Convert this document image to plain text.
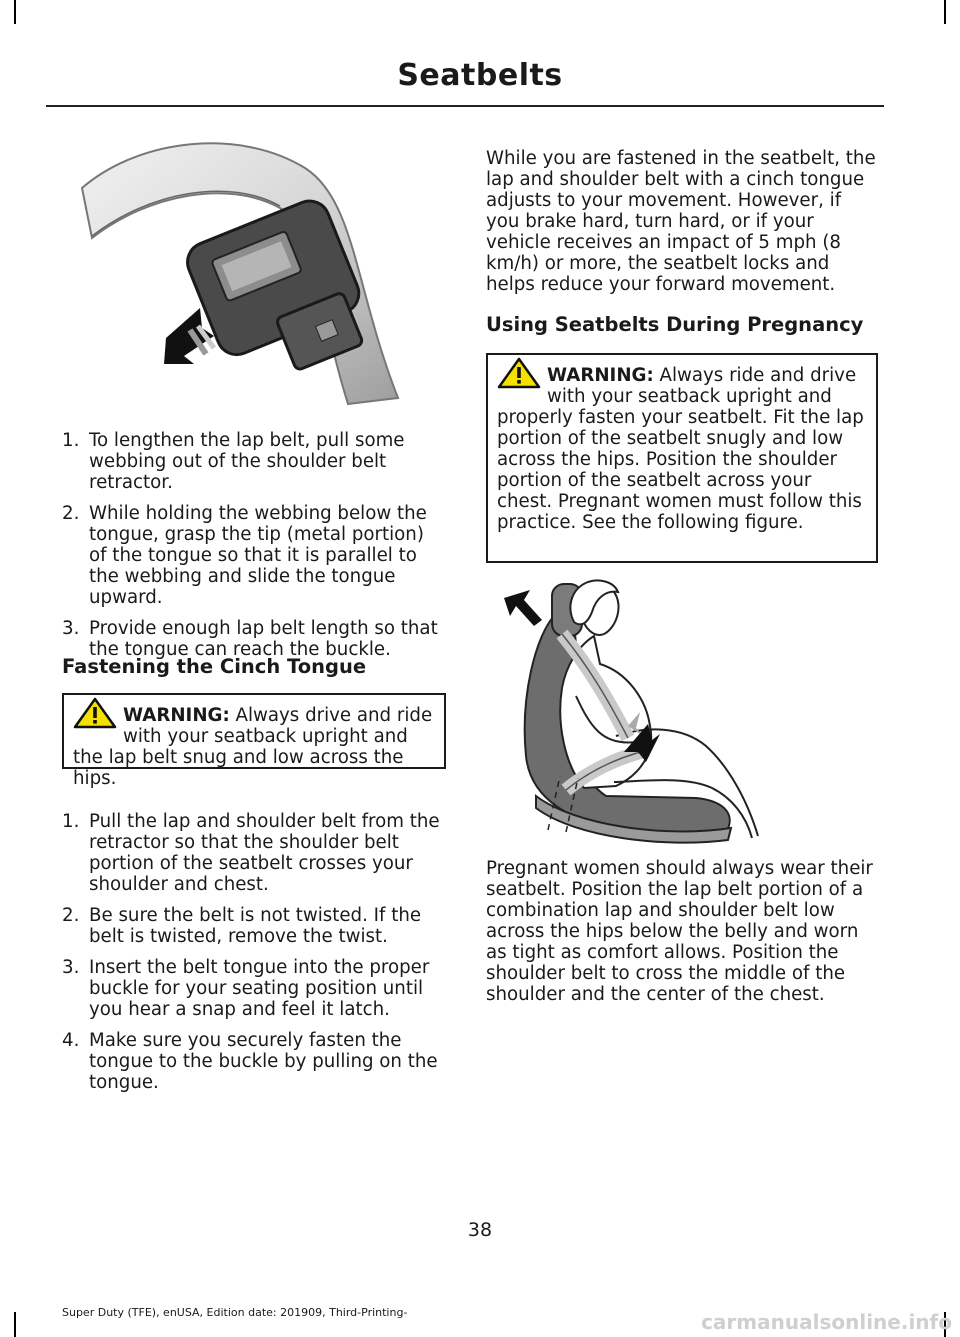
Seatbelts
1. To lengthen the lap belt, pull some webbing out of the shoulder belt retractor.
2. While holding the webbing below the tongue, grasp the tip (metal portion) of the tongue so that it is parallel to the webbing and slide the tongue upward.
3. Provide enough lap belt length so that the tongue can reach the buckle.
Fastening the Cinch Tongue
WARNING: Always drive and ride with your seatback upright and the lap belt snug and low across the hips.
1. Pull the lap and shoulder belt from the retractor so that the shoulder belt portion of the seatbelt crosses your shoulder and chest.
2. Be sure the belt is not twisted. If the belt is twisted, remove the twist.
3. Insert the belt tongue into the proper buckle for your seating position until you hear a snap and feel it latch.
4. Make sure you securely fasten the tongue to the buckle by pulling on the tongue.
While you are fastened in the seatbelt, the lap and shoulder belt with a cinch tongue adjusts to your movement. However, if you brake hard, turn hard, or if your vehicle receives an impact of 5 mph (8 km/h) or more, the seatbelt locks and helps reduce your forward movement.
Using Seatbelts During Pregnancy
WARNING: Always ride and drive with your seatback upright and properly fasten your seatbelt. Fit the lap portion of the seatbelt snugly and low across the hips. Position the shoulder portion of the seatbelt across your chest. Pregnant women must follow this practice. See the following figure.
Pregnant women should always wear their seatbelt. Position the lap belt portion of a combination lap and shoulder belt low across the hips below the belly and worn as tight as comfort allows. Position the shoulder belt to cross the middle of the shoulder and the center of the chest.
38
Super Duty (TFE), enUSA, Edition date: 201909, Third-Printing-	carmanualsonline.info
